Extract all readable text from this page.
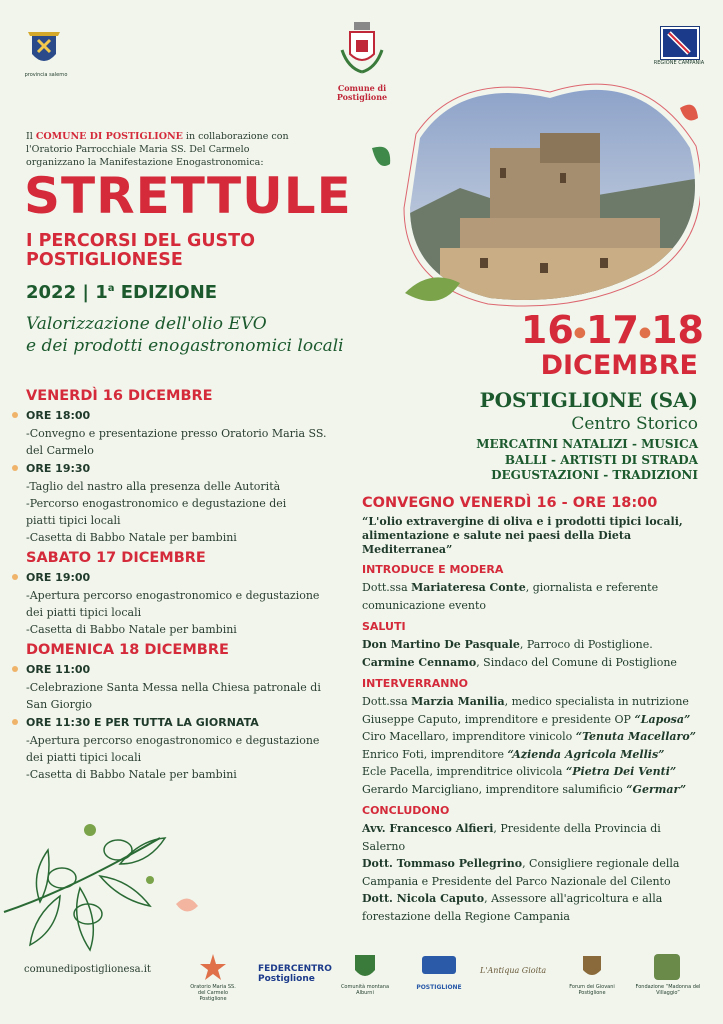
provincia salerno
Comune di Postiglione
REGIONE CAMPANIA
Il COMUNE DI POSTIGLIONE in collaborazione con
l'Oratorio Parrocchiale Maria SS. Del Carmelo
organizzano la Manifestazione Enogastronomica:
STRETTULE
I PERCORSI DEL GUSTO
POSTIGLIONESE
2022 | 1$^a$ EDIZIONE
Valorizzazione dell'olio EVO
e dei prodotti enogastronomici locali	16●17●18
DICEMBRE
POSTIGLIONE (SA)
Centro Storico
MERCATINI NATALIZI - MUSICA
BALLI - ARTISTI DI STRADA
DEGUSTAZIONI - TRADIZIONI
VENERDÌ 16 DICEMBRE
ORE 18:00
-Convegno e presentazione presso Oratorio Maria SS.
del Carmelo
ORE 19:30
-Taglio del nastro alla presenza delle Autorità
-Percorso enogastronomico e degustazione dei
piatti tipici locali
-Casetta di Babbo Natale per bambini
SABATO 17 DICEMBRE
ORE 19:00
-Apertura percorso enogastronomico e degustazione
dei piatti tipici locali
-Casetta di Babbo Natale per bambini
DOMENICA 18 DICEMBRE
ORE 11:00
-Celebrazione Santa Messa nella Chiesa patronale di
San Giorgio
ORE 11:30 E PER TUTTA LA GIORNATA
-Apertura percorso enogastronomico e degustazione
dei piatti tipici locali
-Casetta di Babbo Natale per bambini
CONVEGNO VENERDÌ 16 - ORE 18:00
“L'olio extravergine di oliva e i prodotti tipici locali, alimentazione e salute nei paesi della Dieta Mediterranea”
INTRODUCE E MODERA
Dott.ssa Mariateresa Conte, giornalista e referente comunicazione evento
SALUTI
Don Martino De Pasquale, Parroco di Postiglione.
Carmine Cennamo, Sindaco del Comune di Postiglione
INTERVERRANNO
Dott.ssa Marzia Manilia, medico specialista in nutrizione
Giuseppe Caputo, imprenditore e presidente OP “Laposa”
Ciro Macellaro, imprenditore vinicolo “Tenuta Macellaro”
Enrico Foti, imprenditore “Azienda Agricola Mellis”
Ecle Pacella, imprenditrice olivicola “Pietra Dei Venti”
Gerardo Marcigliano, imprenditore salumificio “Germar”
CONCLUDONO
Avv. Francesco Alfieri, Presidente della Provincia di Salerno
Dott. Tommaso Pellegrino, Consigliere regionale della Campania e Presidente del Parco Nazionale del Cilento
Dott. Nicola Caputo, Assessore all'agricoltura e alla forestazione della Regione Campania
comunedipostiglionesa.it
Oratorio Maria SS. del Carmelo Postiglione
FEDERCENTRO Postiglione
Comunità montana Alburni
POSTIGLIONE
L'Antiqua Gioita
Forum dei Giovani Postiglione
Fondazione “Madonna del Villaggio”
